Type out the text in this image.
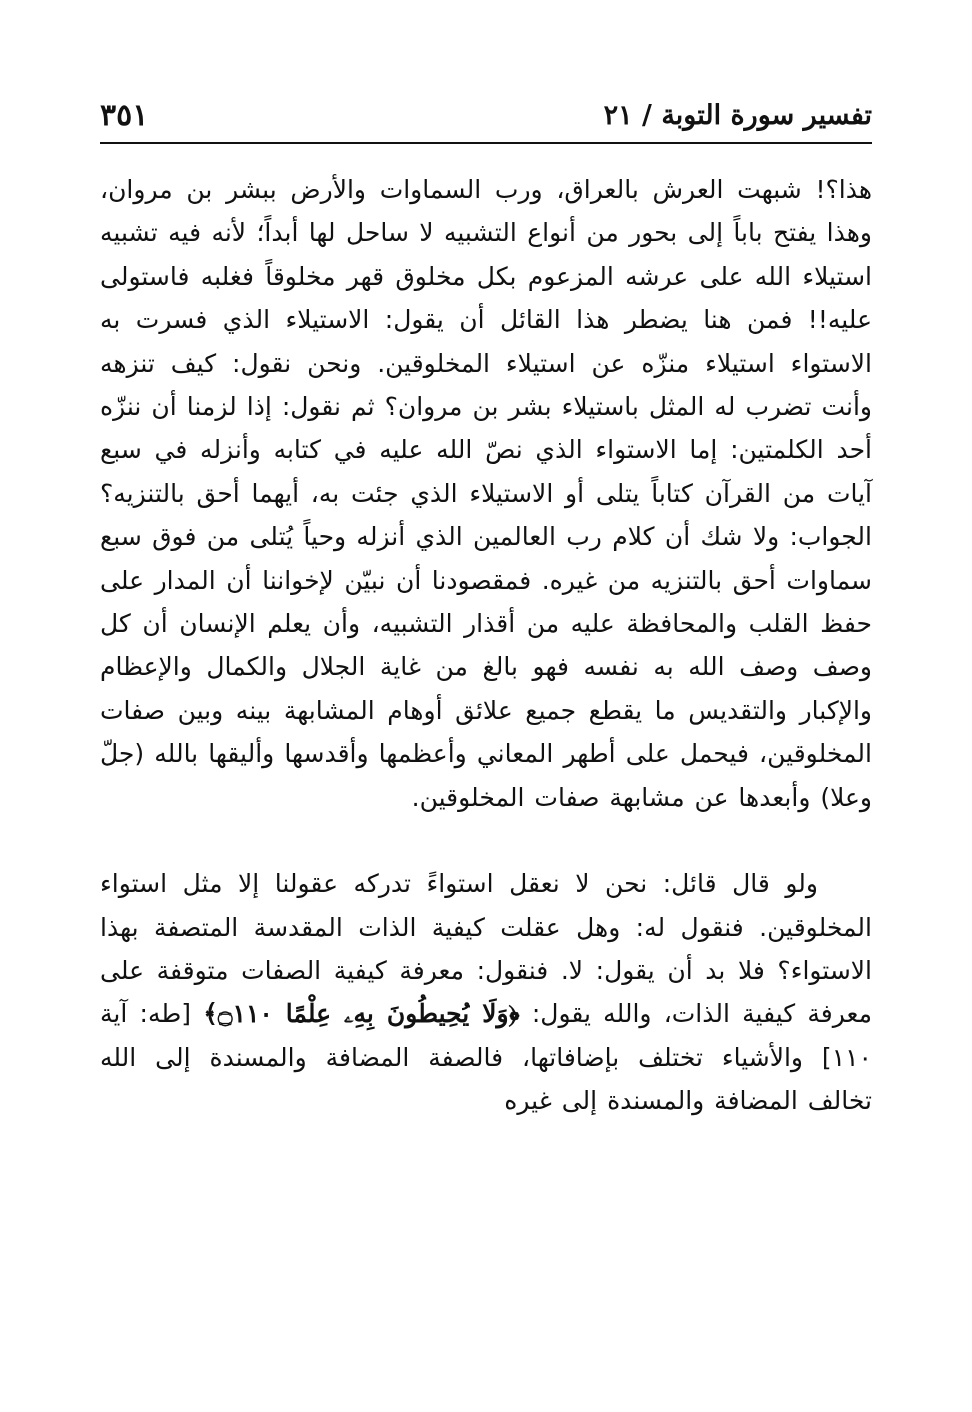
تفسير سورة التوبة / ٢١
٣٥١

هذا؟! شبهت العرش بالعراق، ورب السماوات والأرض ببشر بن مروان، وهذا يفتح باباً إلى بحور من أنواع التشبيه لا ساحل لها أبداً؛ لأنه فيه تشبيه استيلاء الله على عرشه المزعوم بكل مخلوق قهر مخلوقاً فغلبه فاستولى عليه!! فمن هنا يضطر هذا القائل أن يقول: الاستيلاء الذي فسرت به الاستواء استيلاء منزّه عن استيلاء المخلوقين. ونحن نقول: كيف تنزهه وأنت تضرب له المثل باستيلاء بشر بن مروان؟ ثم نقول: إذا لزمنا أن ننزّه أحد الكلمتين: إما الاستواء الذي نصّ الله عليه في كتابه وأنزله في سبع آيات من القرآن كتاباً يتلى أو الاستيلاء الذي جئت به، أيهما أحق بالتنزيه؟ الجواب: ولا شك أن كلام رب العالمين الذي أنزله وحياً يُتلى من فوق سبع سماوات أحق بالتنزيه من غيره. فمقصودنا أن نبيّن لإخواننا أن المدار على حفظ القلب والمحافظة عليه من أقذار التشبيه، وأن يعلم الإنسان أن كل وصف وصف الله به نفسه فهو بالغ من غاية الجلال والكمال والإعظام والإكبار والتقديس ما يقطع جميع علائق أوهام المشابهة بينه وبين صفات المخلوقين، فيحمل على أطهر المعاني وأعظمها وأقدسها وأليقها بالله (جلّ وعلا) وأبعدها عن مشابهة صفات المخلوقين.

ولو قال قائل: نحن لا نعقل استواءً تدركه عقولنا إلا مثل استواء المخلوقين. فنقول له: وهل عقلت كيفية الذات المقدسة المتصفة بهذا الاستواء؟ فلا بد أن يقول: لا. فنقول: معرفة كيفية الصفات متوقفة على معرفة كيفية الذات، والله يقول: ﴿وَلَا يُحِيطُونَ بِهِۦ عِلْمًا ۝١١٠﴾ [طه: آية ١١٠] والأشياء تختلف بإضافاتها، فالصفة المضافة والمسندة إلى الله تخالف المضافة والمسندة إلى غيره
